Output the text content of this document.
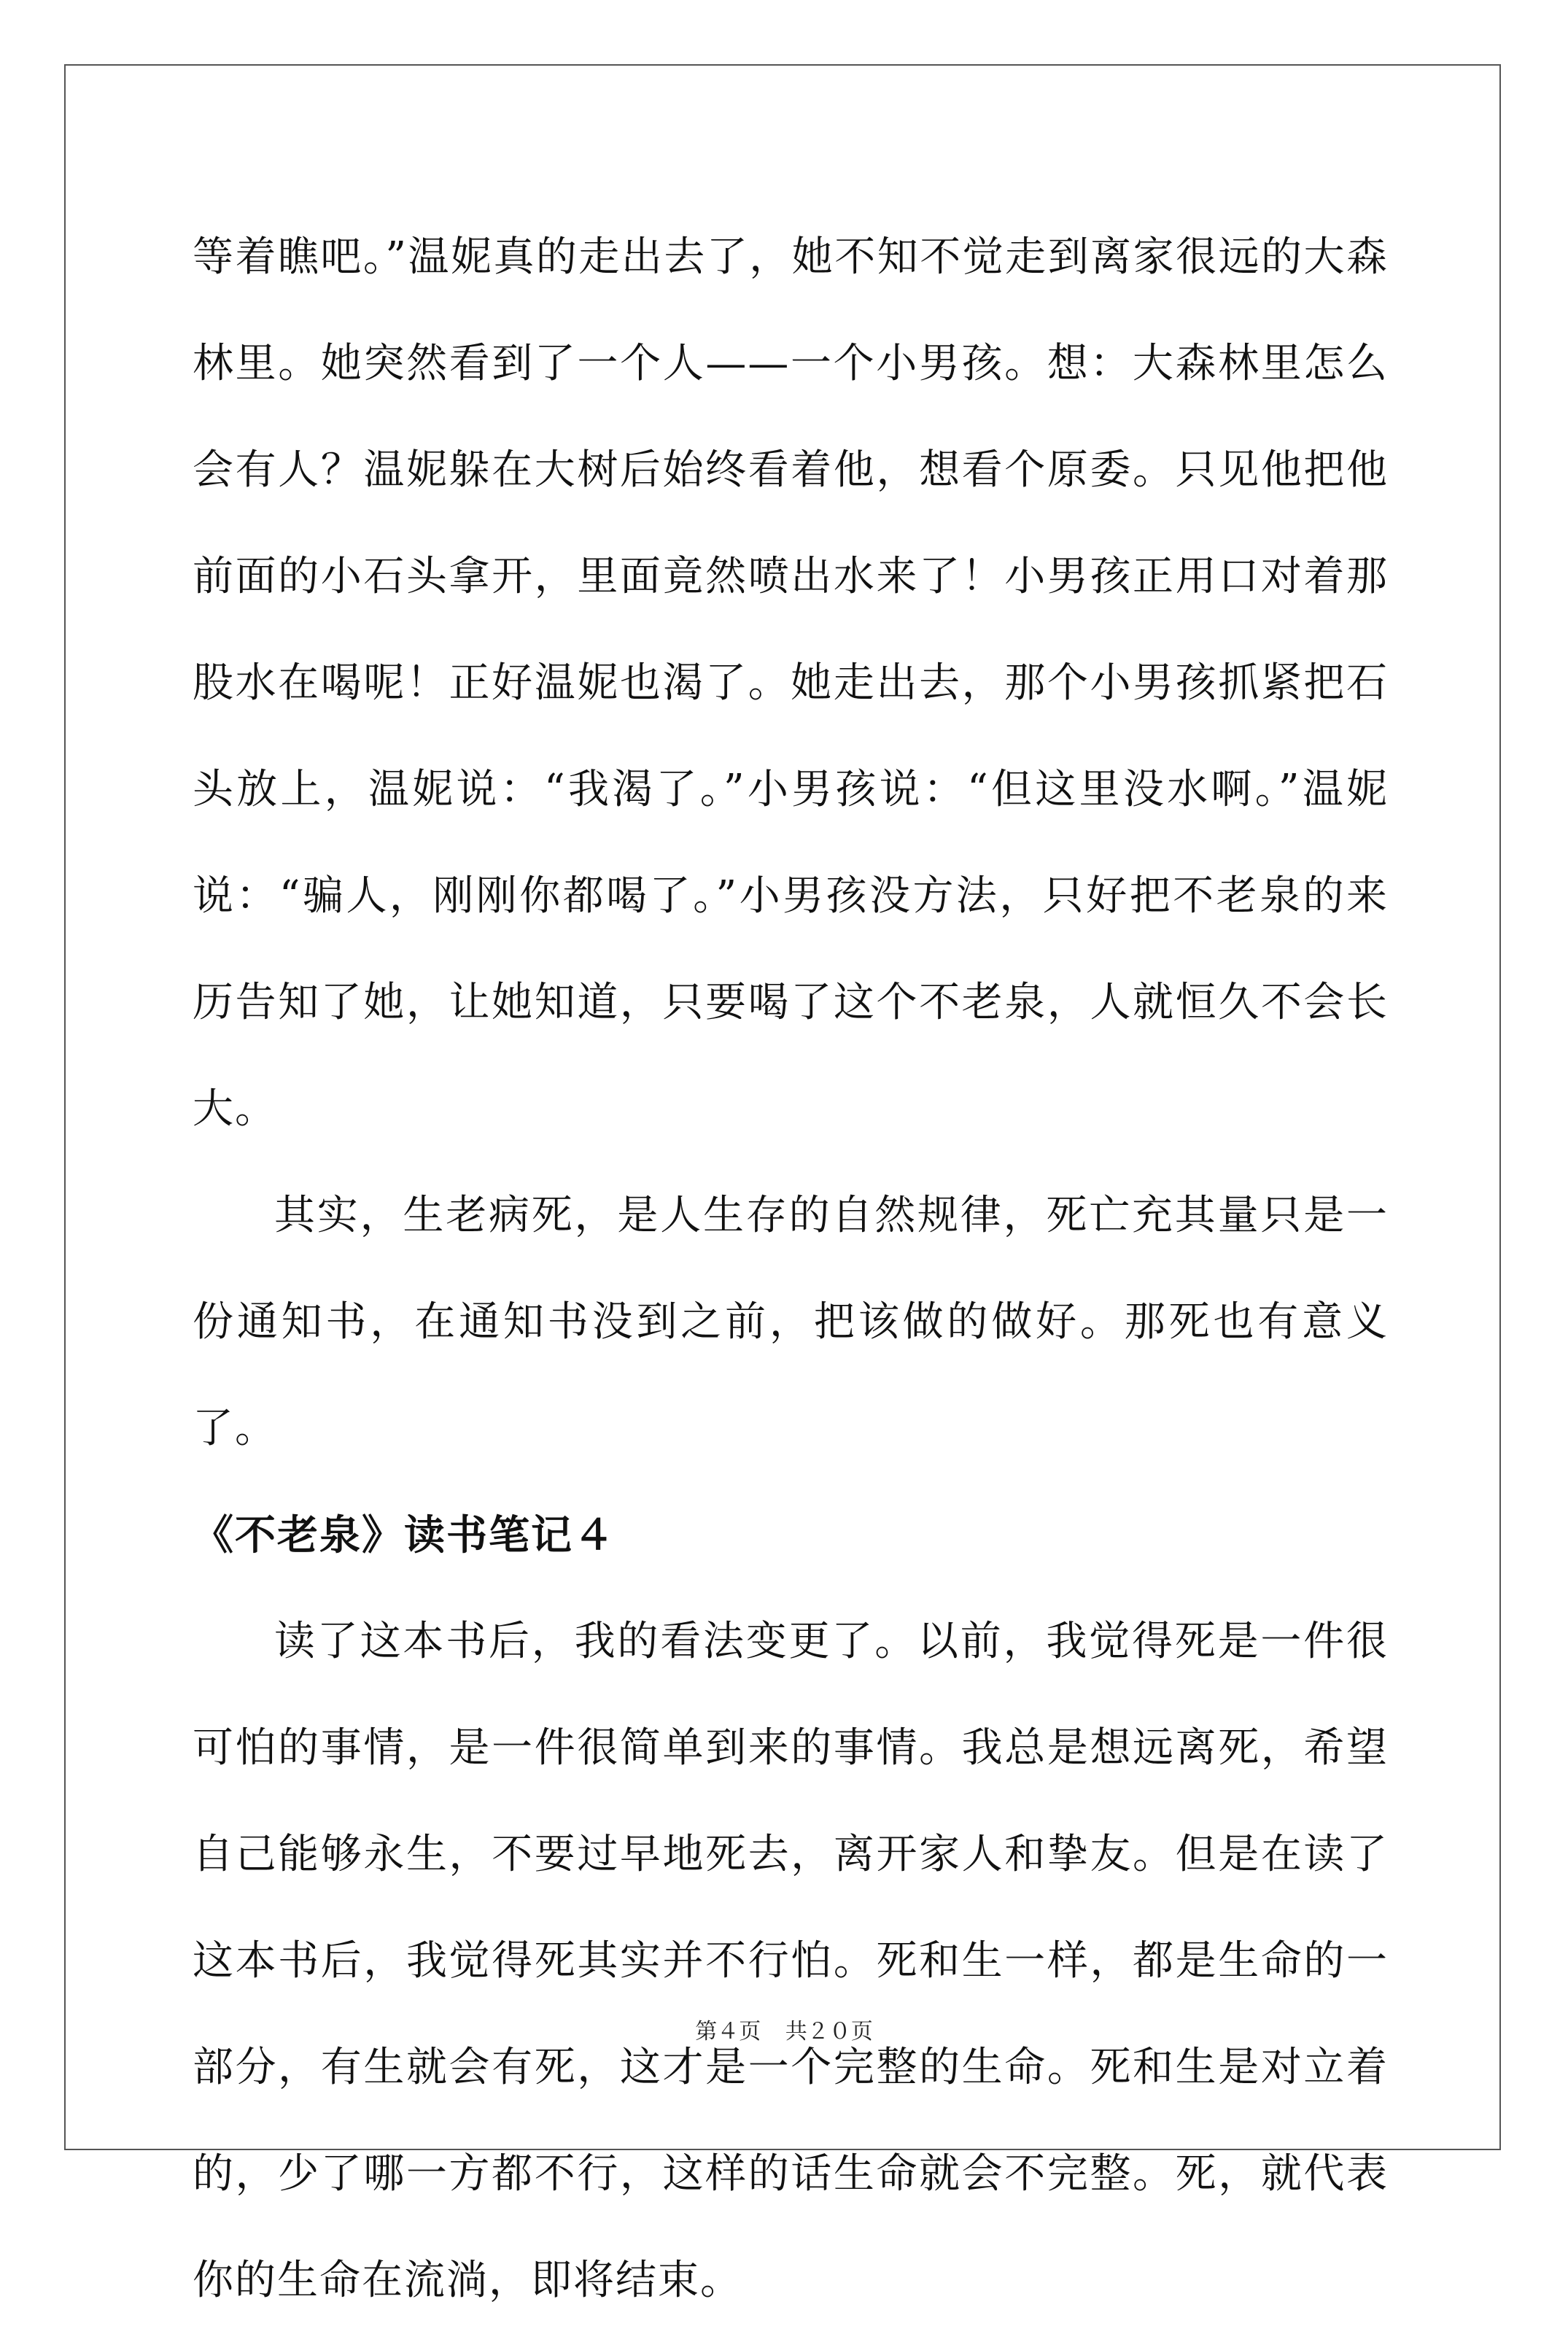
等着瞧吧。”温妮真的走出去了，她不知不觉走到离家很远的大森林里。她突然看到了一个人——一个小男孩。想：大森林里怎么会有人？温妮躲在大树后始终看着他，想看个原委。只见他把他前面的小石头拿开，里面竟然喷出水来了！小男孩正用口对着那股水在喝呢！正好温妮也渴了。她走出去，那个小男孩抓紧把石头放上，温妮说：“我渴了。”小男孩说：“但这里没水啊。”温妮说：“骗人，刚刚你都喝了。”小男孩没方法，只好把不老泉的来历告知了她，让她知道，只要喝了这个不老泉，人就恒久不会长大。

其实，生老病死，是人生存的自然规律，死亡充其量只是一份通知书，在通知书没到之前，把该做的做好。那死也有意义了。

《不老泉》读书笔记４

读了这本书后，我的看法变更了。以前，我觉得死是一件很可怕的事情，是一件很简单到来的事情。我总是想远离死，希望自己能够永生，不要过早地死去，离开家人和挚友。但是在读了这本书后，我觉得死其实并不行怕。死和生一样，都是生命的一部分，有生就会有死，这才是一个完整的生命。死和生是对立着的，少了哪一方都不行，这样的话生命就会不完整。死，就代表你的生命在流淌，即将结束。

第４页 共２０页
